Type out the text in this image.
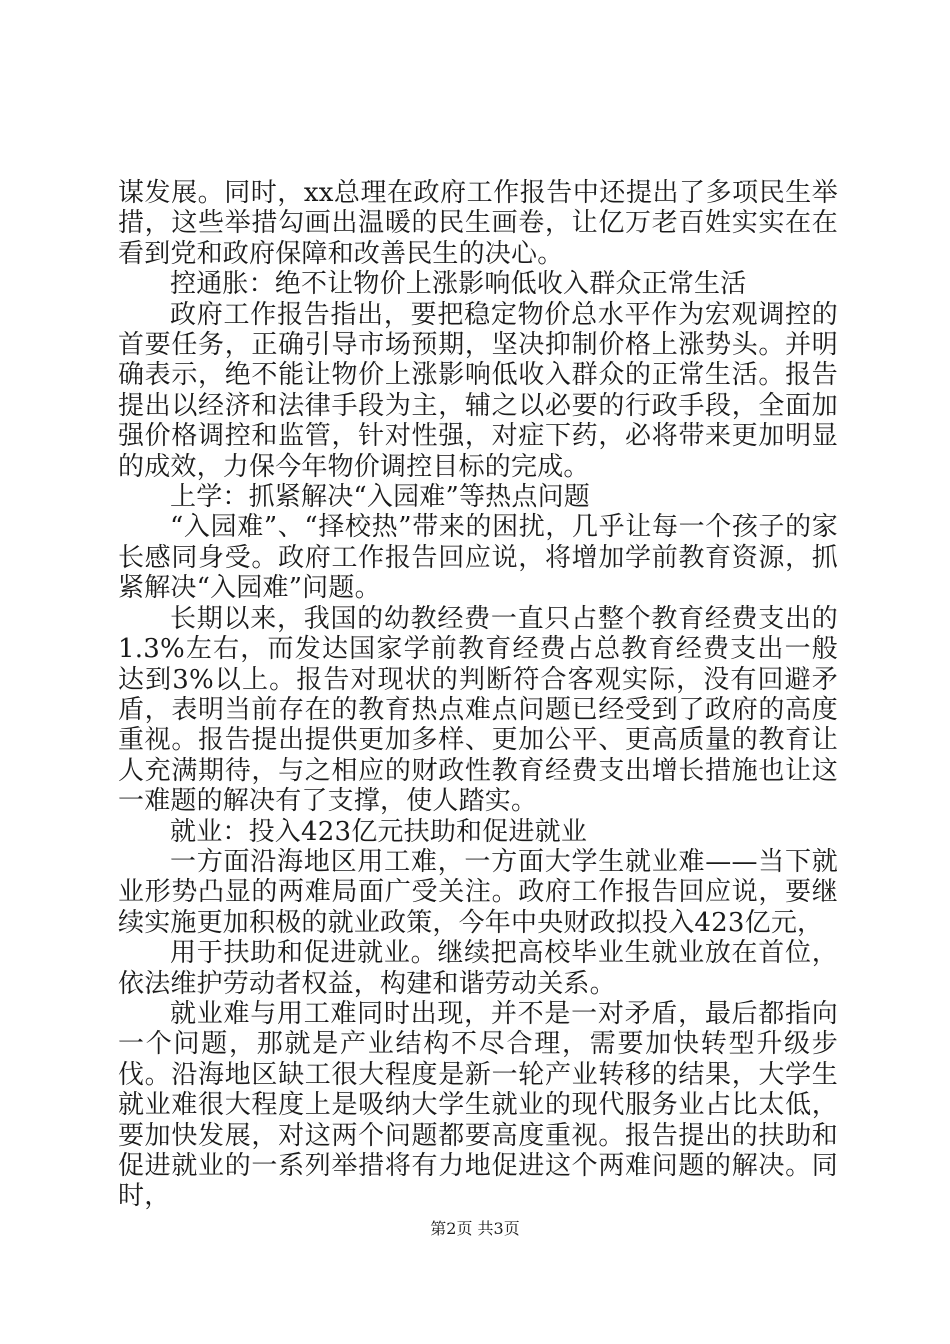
谋发展。同时，xx总理在政府工作报告中还提出了多项民生举措，这些举措勾画出温暖的民生画卷，让亿万老百姓实实在在看到党和政府保障和改善民生的决心。

控通胀：绝不让物价上涨影响低收入群众正常生活

政府工作报告指出，要把稳定物价总水平作为宏观调控的首要任务，正确引导市场预期，坚决抑制价格上涨势头。并明确表示，绝不能让物价上涨影响低收入群众的正常生活。报告提出以经济和法律手段为主，辅之以必要的行政手段，全面加强价格调控和监管，针对性强，对症下药，必将带来更加明显的成效，力保今年物价调控目标的完成。

上学：抓紧解决“入园难”等热点问题

“入园难”、“择校热”带来的困扰，几乎让每一个孩子的家长感同身受。政府工作报告回应说，将增加学前教育资源，抓紧解决“入园难”问题。

长期以来，我国的幼教经费一直只占整个教育经费支出的1.3%左右，而发达国家学前教育经费占总教育经费支出一般达到3%以上。报告对现状的判断符合客观实际，没有回避矛盾，表明当前存在的教育热点难点问题已经受到了政府的高度重视。报告提出提供更加多样、更加公平、更高质量的教育让人充满期待，与之相应的财政性教育经费支出增长措施也让这一难题的解决有了支撑，使人踏实。

就业：投入423亿元扶助和促进就业

一方面沿海地区用工难，一方面大学生就业难——当下就业形势凸显的两难局面广受关注。政府工作报告回应说，要继续实施更加积极的就业政策，今年中央财政拟投入423亿元，

用于扶助和促进就业。继续把高校毕业生就业放在首位，依法维护劳动者权益，构建和谐劳动关系。

就业难与用工难同时出现，并不是一对矛盾，最后都指向一个问题，那就是产业结构不尽合理，需要加快转型升级步伐。沿海地区缺工很大程度是新一轮产业转移的结果，大学生就业难很大程度上是吸纳大学生就业的现代服务业占比太低，要加快发展，对这两个问题都要高度重视。报告提出的扶助和促进就业的一系列举措将有力地促进这个两难问题的解决。同时，

第2页 共3页
